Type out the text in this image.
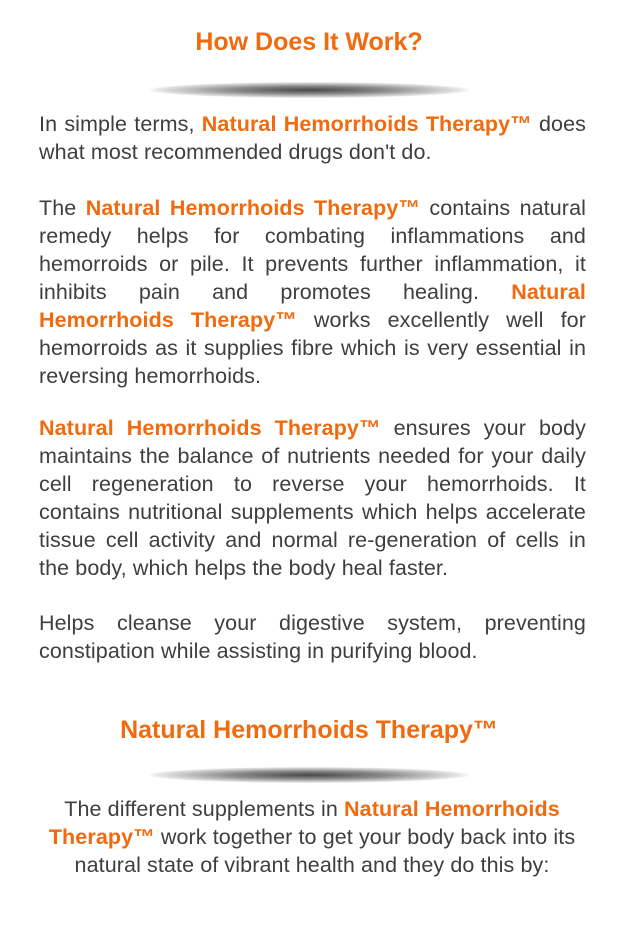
How Does It Work?

In simple terms, Natural Hemorrhoids Therapy™ does what most recommended drugs don't do.

The Natural Hemorrhoids Therapy™ contains natural remedy helps for combating inflammations and hemorroids or pile. It prevents further inflammation, it inhibits pain and promotes healing. Natural Hemorrhoids Therapy™ works excellently well for hemorroids as it supplies fibre which is very essential in reversing hemorrhoids.

Natural Hemorrhoids Therapy™ ensures your body maintains the balance of nutrients needed for your daily cell regeneration to reverse your hemorrhoids. It contains nutritional supplements which helps accelerate tissue cell activity and normal re-generation of cells in the body, which helps the body heal faster.

Helps cleanse your digestive system, preventing constipation while assisting in purifying blood.

Natural Hemorrhoids Therapy™

The different supplements in Natural Hemorrhoids Therapy™ work together to get your body back into its natural state of vibrant health and they do this by:
